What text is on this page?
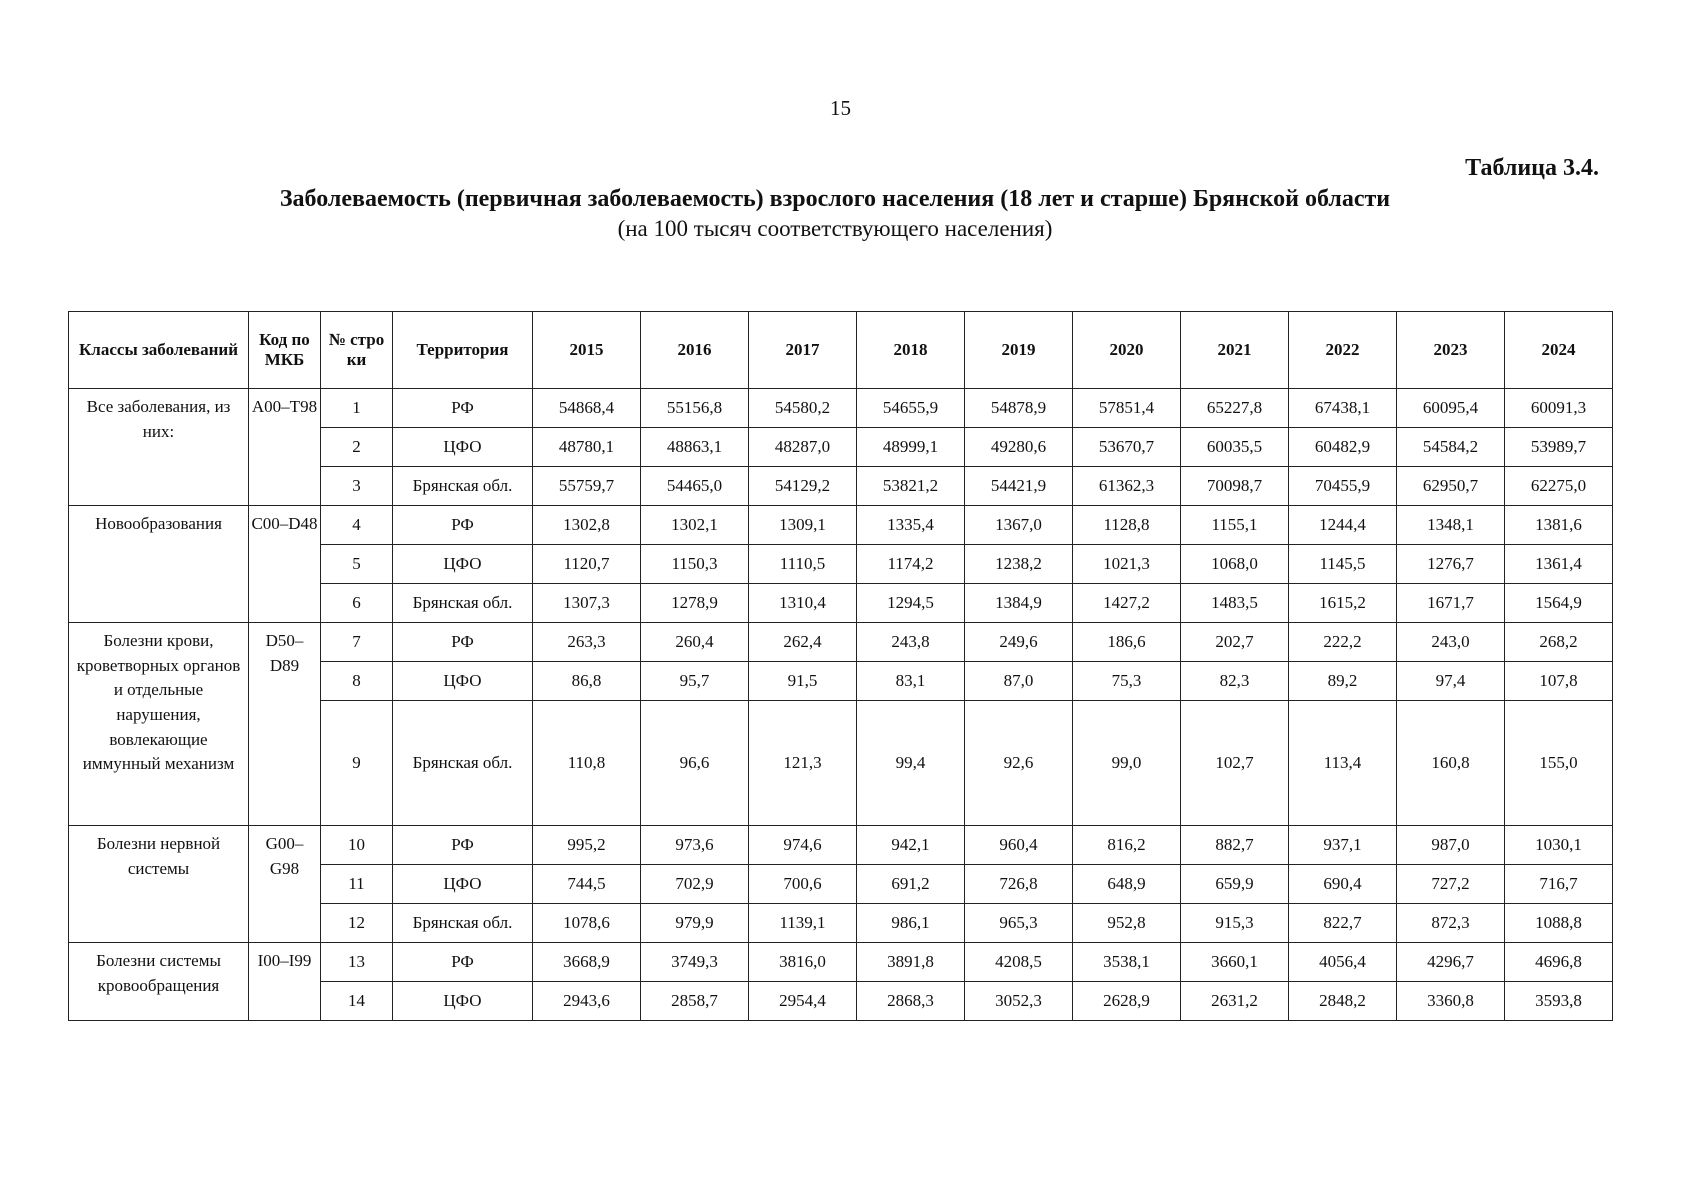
15
Таблица 3.4.
Заболеваемость (первичная заболеваемость) взрослого населения (18 лет и старше) Брянской области
(на 100 тысяч соответствующего населения)
Классы заболеваний	Код по МКБ	№ стро ки	Территория	2015	2016	2017	2018	2019	2020	2021	2022	2023	2024
Все заболевания, из них:	A00–T98	1	РФ	54868,4	55156,8	54580,2	54655,9	54878,9	57851,4	65227,8	67438,1	60095,4	60091,3
		2	ЦФО	48780,1	48863,1	48287,0	48999,1	49280,6	53670,7	60035,5	60482,9	54584,2	53989,7
		3	Брянская обл.	55759,7	54465,0	54129,2	53821,2	54421,9	61362,3	70098,7	70455,9	62950,7	62275,0
Новообразования	C00–D48	4	РФ	1302,8	1302,1	1309,1	1335,4	1367,0	1128,8	1155,1	1244,4	1348,1	1381,6
		5	ЦФО	1120,7	1150,3	1110,5	1174,2	1238,2	1021,3	1068,0	1145,5	1276,7	1361,4
		6	Брянская обл.	1307,3	1278,9	1310,4	1294,5	1384,9	1427,2	1483,5	1615,2	1671,7	1564,9
Болезни крови, кроветворных органов и отдельные нарушения, вовлекающие иммунный механизм	D50–D89	7	РФ	263,3	260,4	262,4	243,8	249,6	186,6	202,7	222,2	243,0	268,2
		8	ЦФО	86,8	95,7	91,5	83,1	87,0	75,3	82,3	89,2	97,4	107,8
		9	Брянская обл.	110,8	96,6	121,3	99,4	92,6	99,0	102,7	113,4	160,8	155,0
Болезни нервной системы	G00–G98	10	РФ	995,2	973,6	974,6	942,1	960,4	816,2	882,7	937,1	987,0	1030,1
		11	ЦФО	744,5	702,9	700,6	691,2	726,8	648,9	659,9	690,4	727,2	716,7
		12	Брянская обл.	1078,6	979,9	1139,1	986,1	965,3	952,8	915,3	822,7	872,3	1088,8
Болезни системы кровообращения	I00–I99	13	РФ	3668,9	3749,3	3816,0	3891,8	4208,5	3538,1	3660,1	4056,4	4296,7	4696,8
		14	ЦФО	2943,6	2858,7	2954,4	2868,3	3052,3	2628,9	2631,2	2848,2	3360,8	3593,8
